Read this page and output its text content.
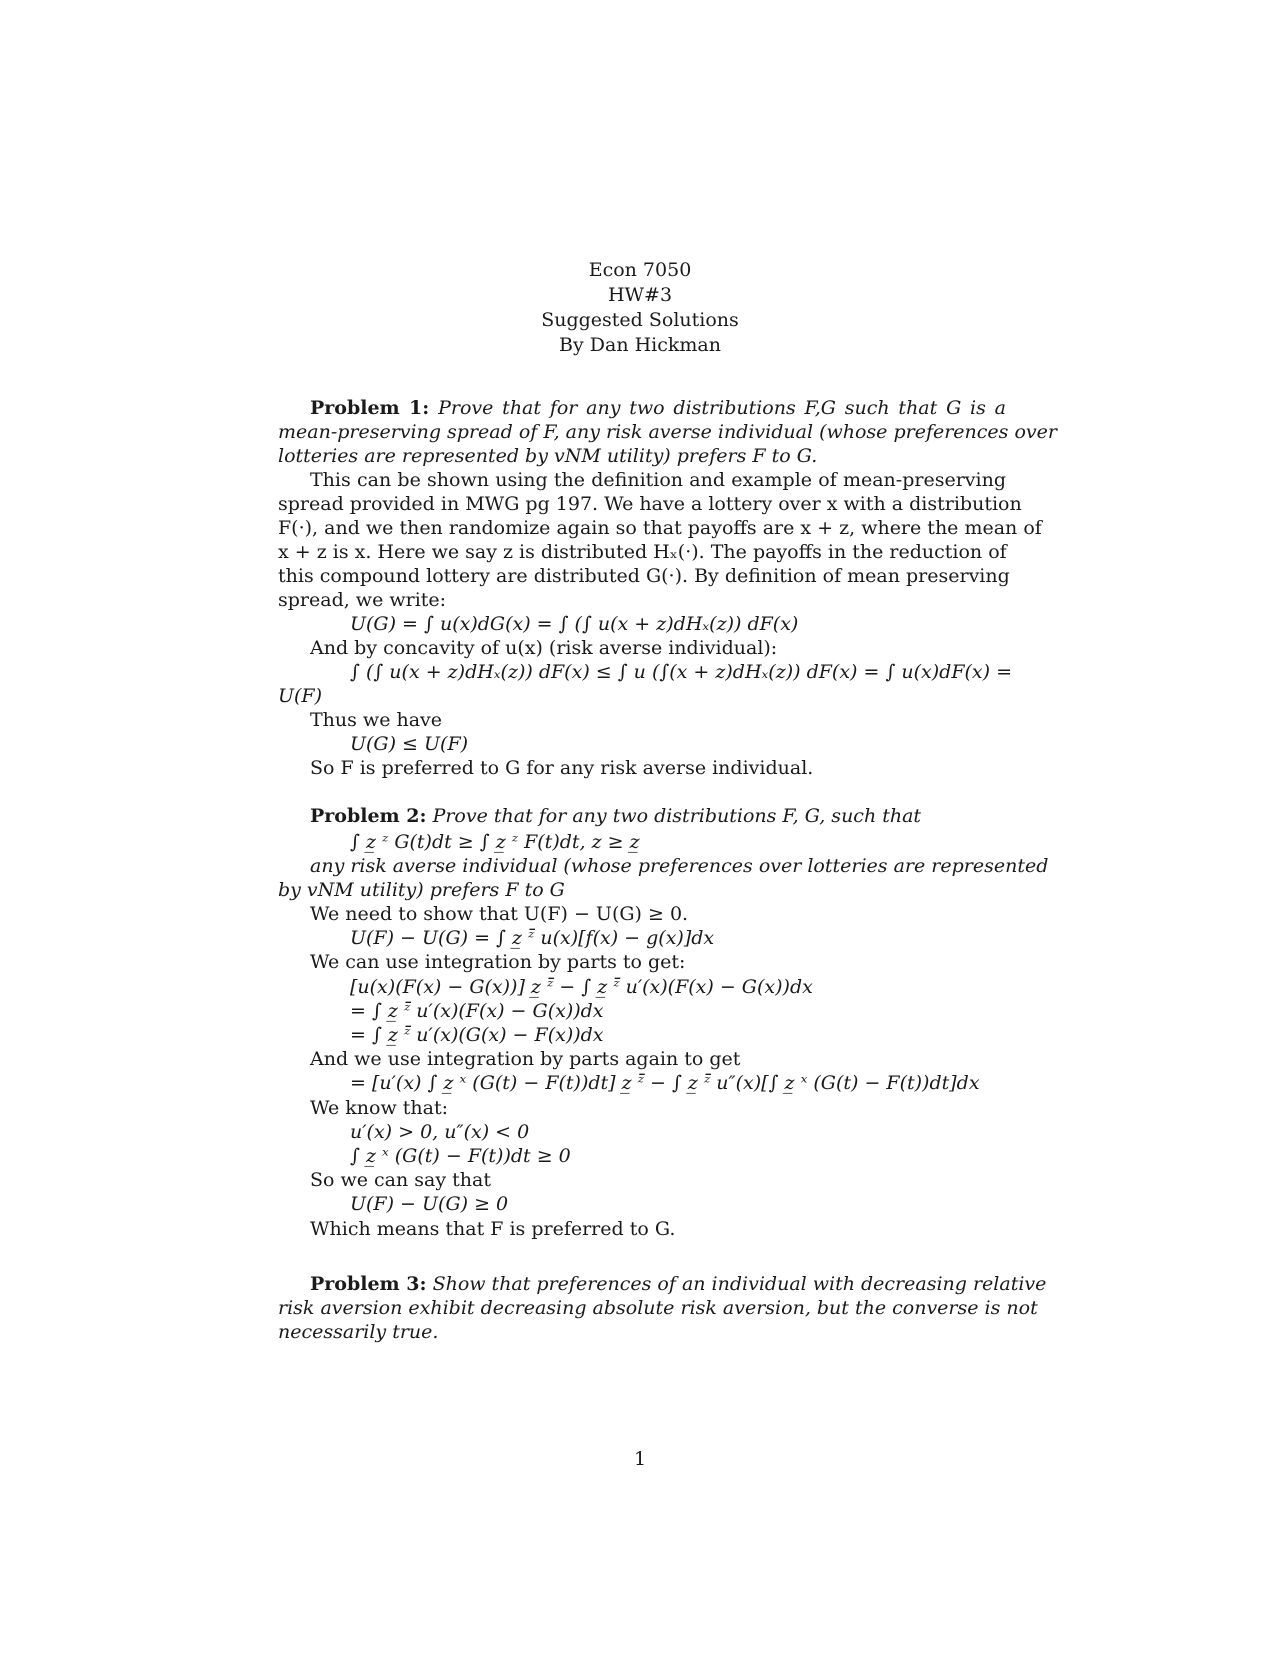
Econ 7050
HW#3
Suggested Solutions
By Dan Hickman
Problem 1: Prove that for any two distributions F,G such that G is a
mean-preserving spread of F, any risk averse individual (whose preferences over
lotteries are represented by vNM utility) prefers F to G.
This can be shown using the definition and example of mean-preserving
spread provided in MWG pg 197. We have a lottery over x with a distribution
F(·), and we then randomize again so that payoffs are x + z, where the mean of
x + z is x. Here we say z is distributed Hₓ(·). The payoffs in the reduction of
this compound lottery are distributed G(·). By definition of mean preserving
spread, we write:
U(G) = ∫ u(x)dG(x) = ∫ (∫ u(x + z)dHₓ(z)) dF(x)
And by concavity of u(x) (risk averse individual):
∫ (∫ u(x + z)dHₓ(z)) dF(x) ≤ ∫ u (∫(x + z)dHₓ(z)) dF(x) = ∫ u(x)dF(x) =
U(F)
Thus we have
U(G) ≤ U(F)
So F is preferred to G for any risk averse individual.
Problem 2: Prove that for any two distributions F, G, such that
∫​ z̲ ᶻ G(t)dt ≥ ∫ z̲ ᶻ F(t)dt, z ≥ z̲
any risk averse individual (whose preferences over lotteries are represented
by vNM utility) prefers F to G
We need to show that U(F) − U(G) ≥ 0.
U(F) − U(G) = ∫ z̲ ᶻ̄ u(x)[f(x) − g(x)]dx
We can use integration by parts to get:
[u(x)(F(x) − G(x))] z̲ ᶻ̄ − ∫ z̲ ᶻ̄ u′(x)(F(x) − G(x))dx
= ∫ z̲ ᶻ̄ u′(x)(F(x) − G(x))dx
= ∫ z̲ ᶻ̄ u′(x)(G(x) − F(x))dx
And we use integration by parts again to get
= [u′(x) ∫ z̲ ˣ (G(t) − F(t))dt] z̲ ᶻ̄ − ∫ z̲ ᶻ̄ u″(x)[∫ z̲ ˣ (G(t) − F(t))dt]dx
We know that:
u′(x) > 0, u″(x) < 0
∫ z̲ ˣ (G(t) − F(t))dt ≥ 0
So we can say that
U(F) − U(G) ≥ 0
Which means that F is preferred to G.
Problem 3: Show that preferences of an individual with decreasing relative
risk aversion exhibit decreasing absolute risk aversion, but the converse is not
necessarily true.
1
